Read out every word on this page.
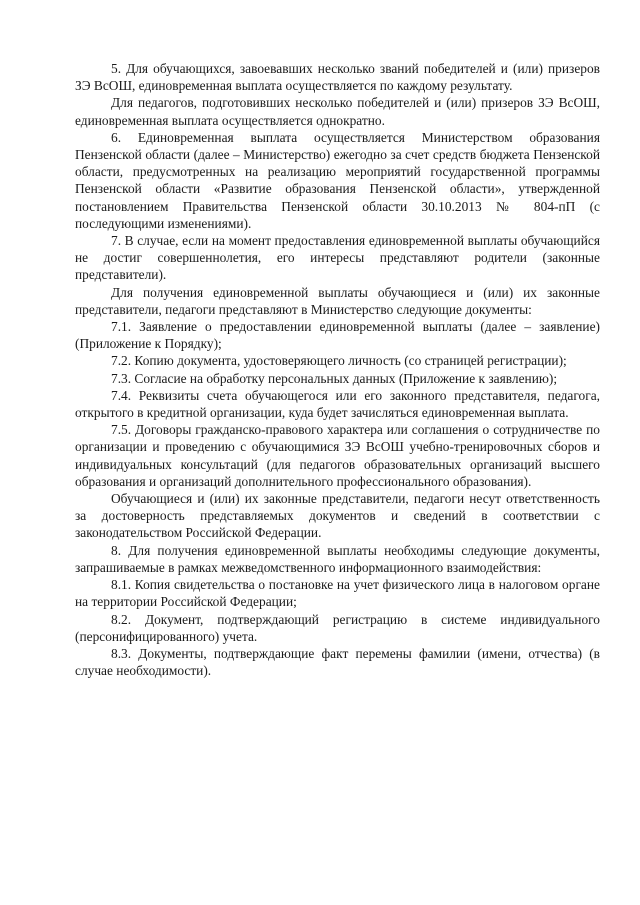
5. Для обучающихся, завоевавших несколько званий победителей и (или) призеров ЗЭ ВсОШ, единовременная выплата осуществляется по каждому результату.

Для педагогов, подготовивших несколько победителей и (или) призеров ЗЭ ВсОШ, единовременная выплата осуществляется однократно.

6. Единовременная выплата осуществляется Министерством образования Пензенской области (далее – Министерство) ежегодно за счет средств бюджета Пензенской области, предусмотренных на реализацию мероприятий государственной программы Пензенской области «Развитие образования Пензенской области», утвержденной постановлением Правительства Пензенской области 30.10.2013 № 804-пП (с последующими изменениями).

7. В случае, если на момент предоставления единовременной выплаты обучающийся не достиг совершеннолетия, его интересы представляют родители (законные представители).

Для получения единовременной выплаты обучающиеся и (или) их законные представители, педагоги представляют в Министерство следующие документы:

7.1. Заявление о предоставлении единовременной выплаты (далее – заявление) (Приложение к Порядку);

7.2. Копию документа, удостоверяющего личность (со страницей регистрации);

7.3. Согласие на обработку персональных данных (Приложение к заявлению);

7.4. Реквизиты счета обучающегося или его законного представителя, педагога, открытого в кредитной организации, куда будет зачисляться единовременная выплата.

7.5. Договоры гражданско-правового характера или соглашения о сотрудничестве по организации и проведению с обучающимися ЗЭ ВсОШ учебно-тренировочных сборов и индивидуальных консультаций (для педагогов образовательных организаций высшего образования и организаций дополнительного профессионального образования).

Обучающиеся и (или) их законные представители, педагоги несут ответственность за достоверность представляемых документов и сведений в соответствии с законодательством Российской Федерации.

8. Для получения единовременной выплаты необходимы следующие документы, запрашиваемые в рамках межведомственного информационного взаимодействия:

8.1. Копия свидетельства о постановке на учет физического лица в налоговом органе на территории Российской Федерации;

8.2. Документ, подтверждающий регистрацию в системе индивидуального (персонифицированного) учета.

8.3. Документы, подтверждающие факт перемены фамилии (имени, отчества) (в случае необходимости).
